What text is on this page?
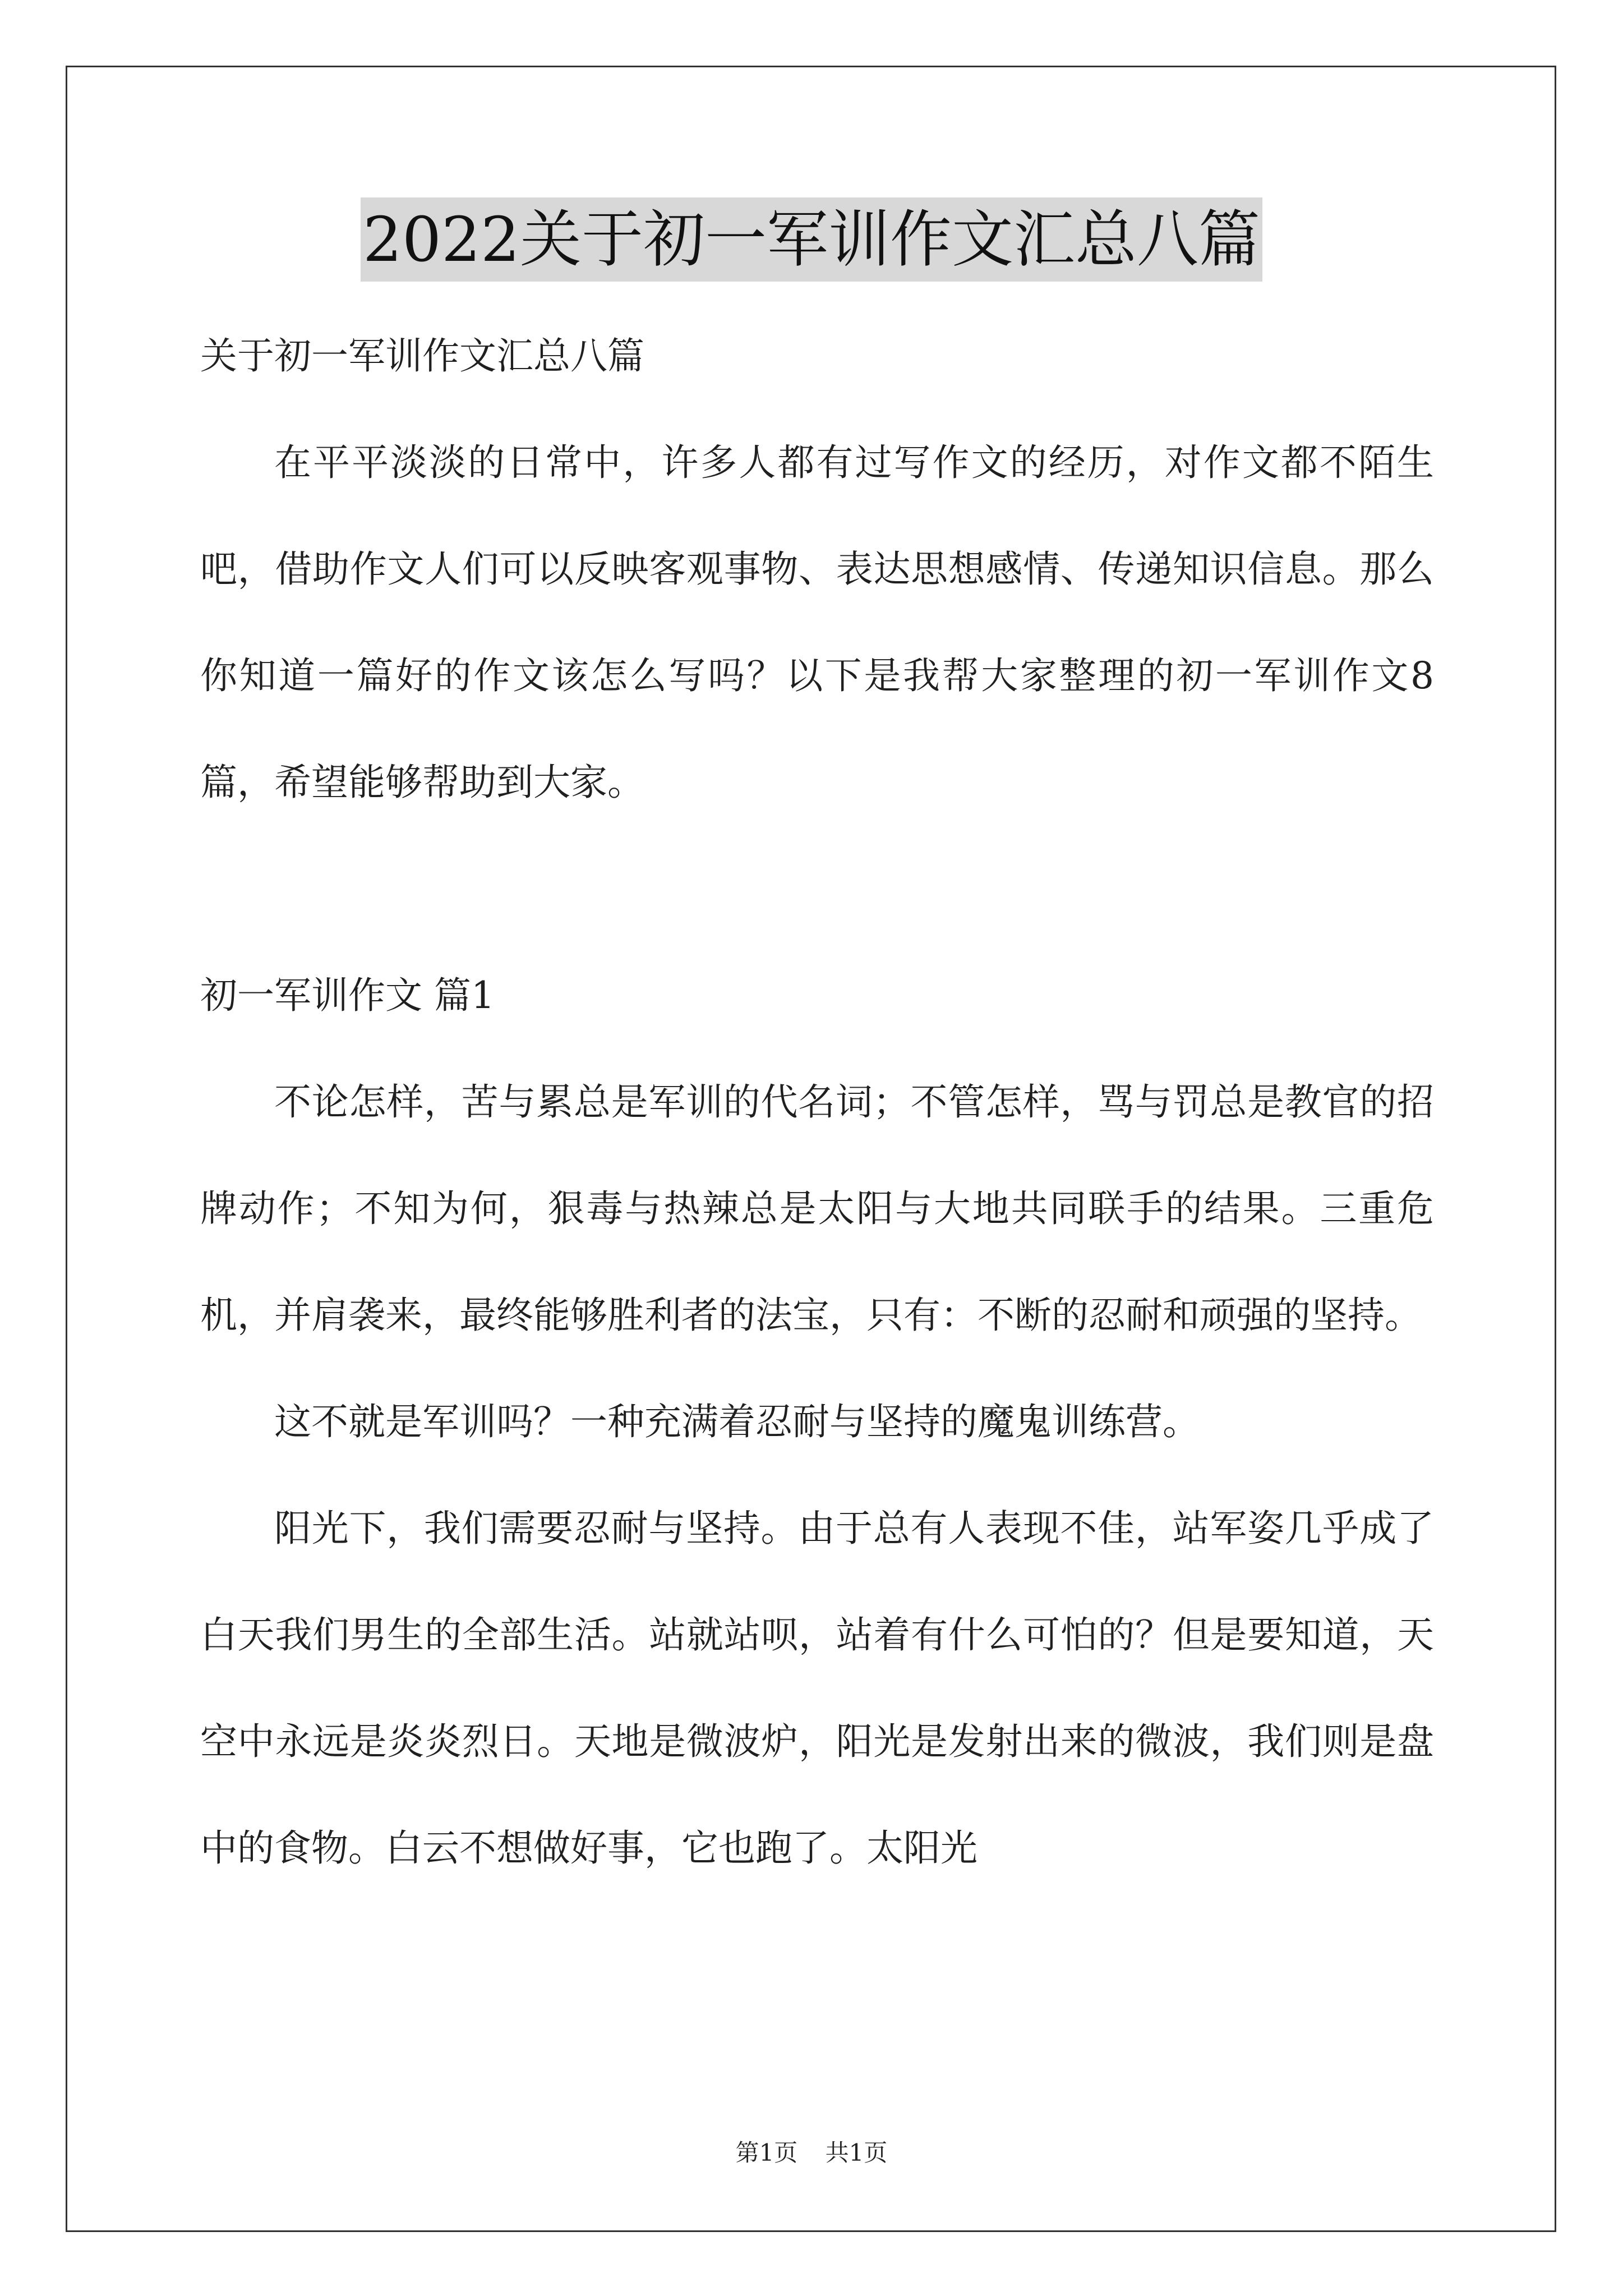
2022关于初一军训作文汇总八篇
关于初一军训作文汇总八篇

在平平淡淡的日常中，许多人都有过写作文的经历，对作文都不陌生吧，借助作文人们可以反映客观事物、表达思想感情、传递知识信息。那么你知道一篇好的作文该怎么写吗？以下是我帮大家整理的初一军训作文8篇，希望能够帮助到大家。

初一军训作文 篇1

不论怎样，苦与累总是军训的代名词；不管怎样，骂与罚总是教官的招牌动作；不知为何，狠毒与热辣总是太阳与大地共同联手的结果。三重危机，并肩袭来，最终能够胜利者的法宝，只有：不断的忍耐和顽强的坚持。

这不就是军训吗？一种充满着忍耐与坚持的魔鬼训练营。

阳光下，我们需要忍耐与坚持。由于总有人表现不佳，站军姿几乎成了白天我们男生的全部生活。站就站呗，站着有什么可怕的？但是要知道，天空中永远是炎炎烈日。天地是微波炉，阳光是发射出来的微波，我们则是盘中的食物。白云不想做好事，它也跑了。太阳光

第1页 共1页
